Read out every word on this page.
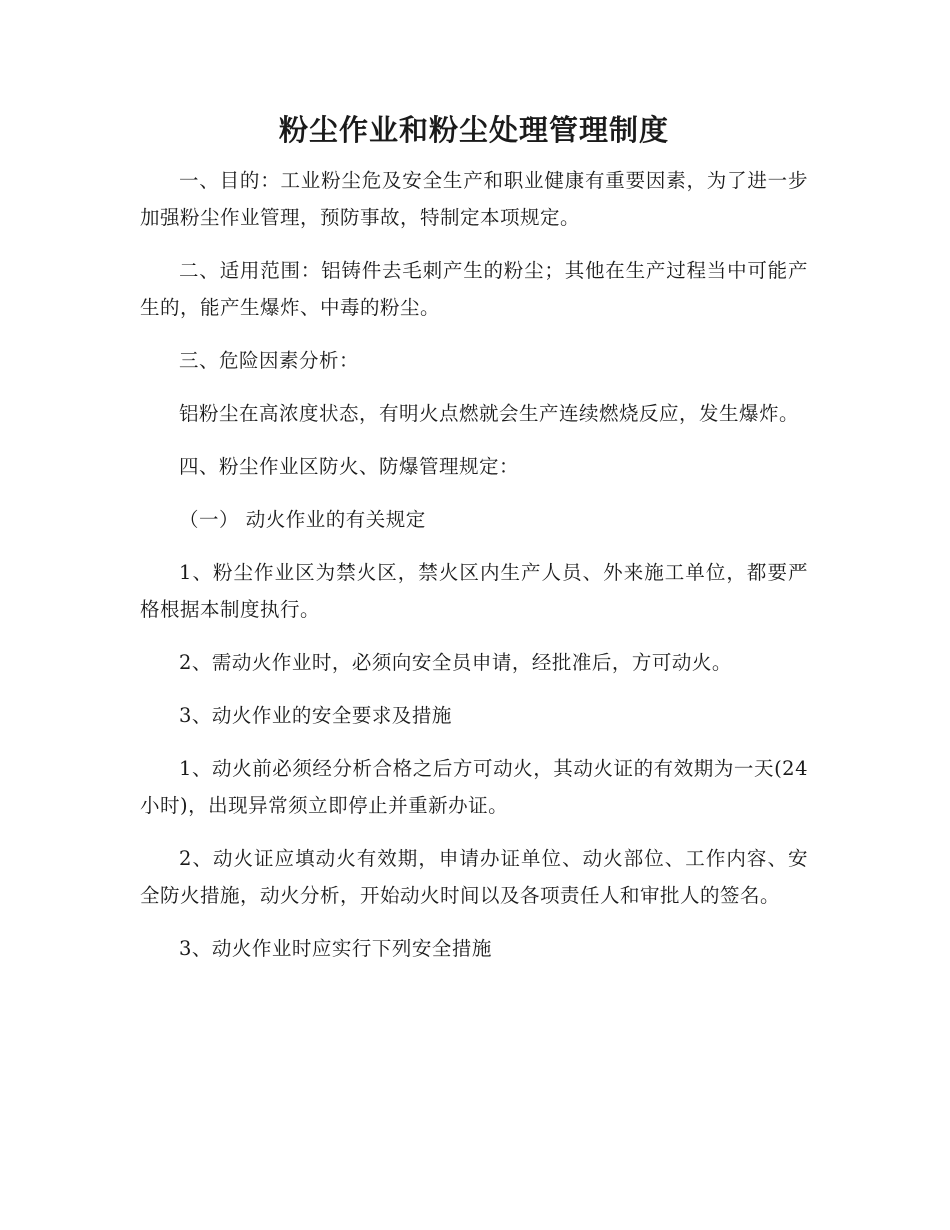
粉尘作业和粉尘处理管理制度

一、目的：工业粉尘危及安全生产和职业健康有重要因素，为了进一步加强粉尘作业管理，预防事故，特制定本项规定。

二、适用范围：铝铸件去毛刺产生的粉尘；其他在生产过程当中可能产生的，能产生爆炸、中毒的粉尘。

三、危险因素分析：

铝粉尘在高浓度状态，有明火点燃就会生产连续燃烧反应，发生爆炸。

四、粉尘作业区防火、防爆管理规定：

（一） 动火作业的有关规定

1、粉尘作业区为禁火区，禁火区内生产人员、外来施工单位，都要严格根据本制度执行。

2、需动火作业时，必须向安全员申请，经批准后，方可动火。

3、动火作业的安全要求及措施

1、动火前必须经分析合格之后方可动火，其动火证的有效期为一天(24小时)，出现异常须立即停止并重新办证。

2、动火证应填动火有效期，申请办证单位、动火部位、工作内容、安全防火措施，动火分析，开始动火时间以及各项责任人和审批人的签名。

3、动火作业时应实行下列安全措施
